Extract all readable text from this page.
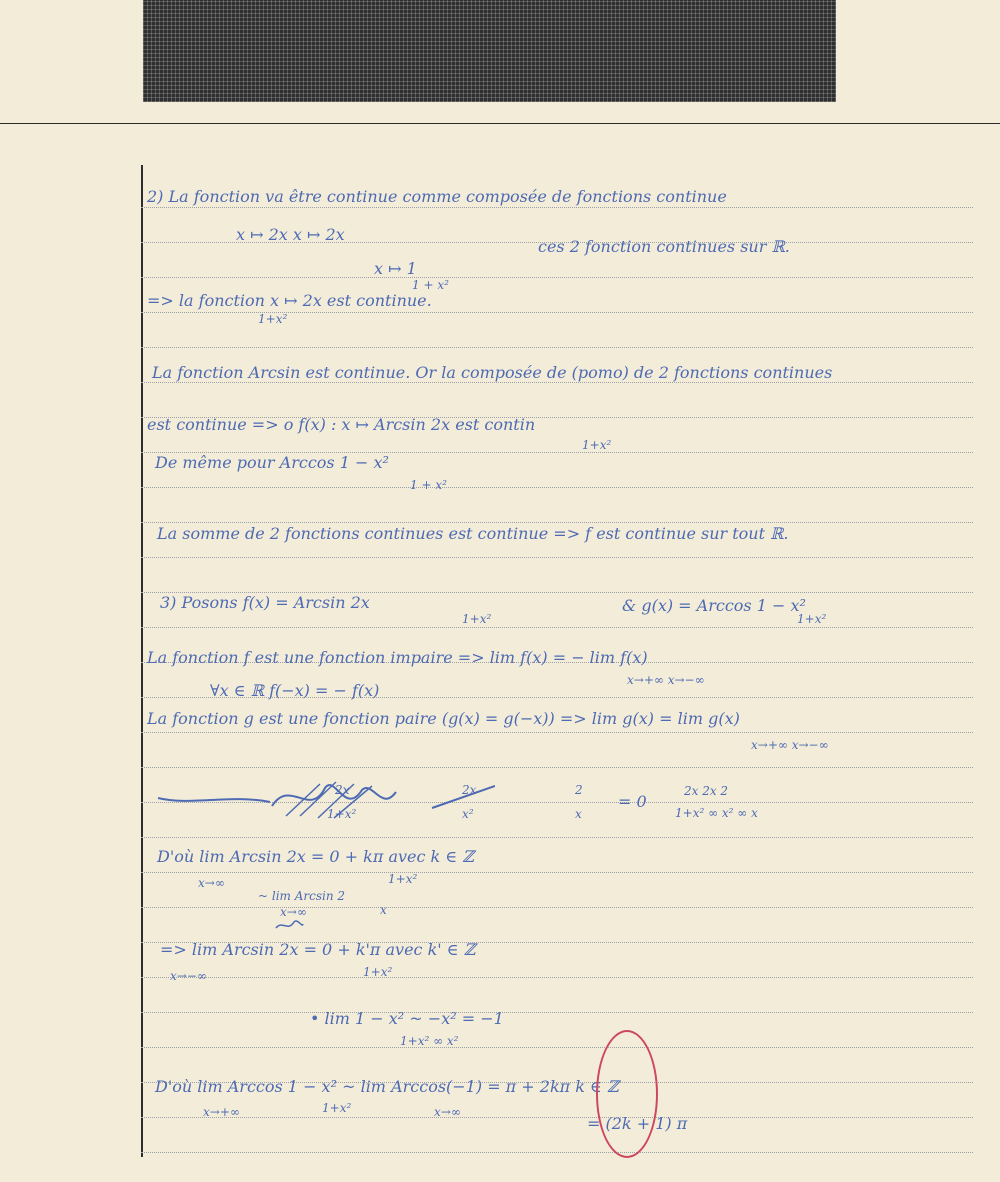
2) La fonction va être continue comme composée de fonctions continue
x ↦ 2x x ↦ 2x
ces 2 fonction continues sur ℝ.
x ↦ 1
1 + x²
=> la fonction x ↦ 2x est continue.
1+x²
La fonction Arcsin est continue. Or la composée de (pomo) de 2 fonctions continues
est continue => o f(x) : x ↦ Arcsin 2x est contin
1+x²
De même pour Arccos 1 − x²
1 + x²
La somme de 2 fonctions continues est continue => f est continue sur tout ℝ.
3) Posons f(x) = Arcsin 2x
1+x²
& g(x) = Arccos 1 − x²
1+x²
La fonction f est une fonction impaire => lim f(x) = − lim f(x)
x→+∞ x→−∞
∀x ∈ ℝ f(−x) = − f(x)
La fonction g est une fonction paire (g(x) = g(−x)) => lim g(x) = lim g(x)
x→+∞ x→−∞
2x
1+x²
2x
x²
2
x
= 0
2x 2x 2
1+x² ∞ x² ∞ x
D'où lim Arcsin 2x = 0 + kπ avec k ∈ ℤ
1+x²
x→∞
~ lim Arcsin 2
x
x→∞
=> lim Arcsin 2x = 0 + k'π avec k' ∈ ℤ
1+x²
x→−∞
• lim 1 − x² ~ −x² = −1
1+x² ∞ x²
D'où lim Arccos 1 − x² ~ lim Arccos(−1) = π + 2kπ k ∈ ℤ
1+x²
x→+∞	x→∞
= (2k + 1) π
